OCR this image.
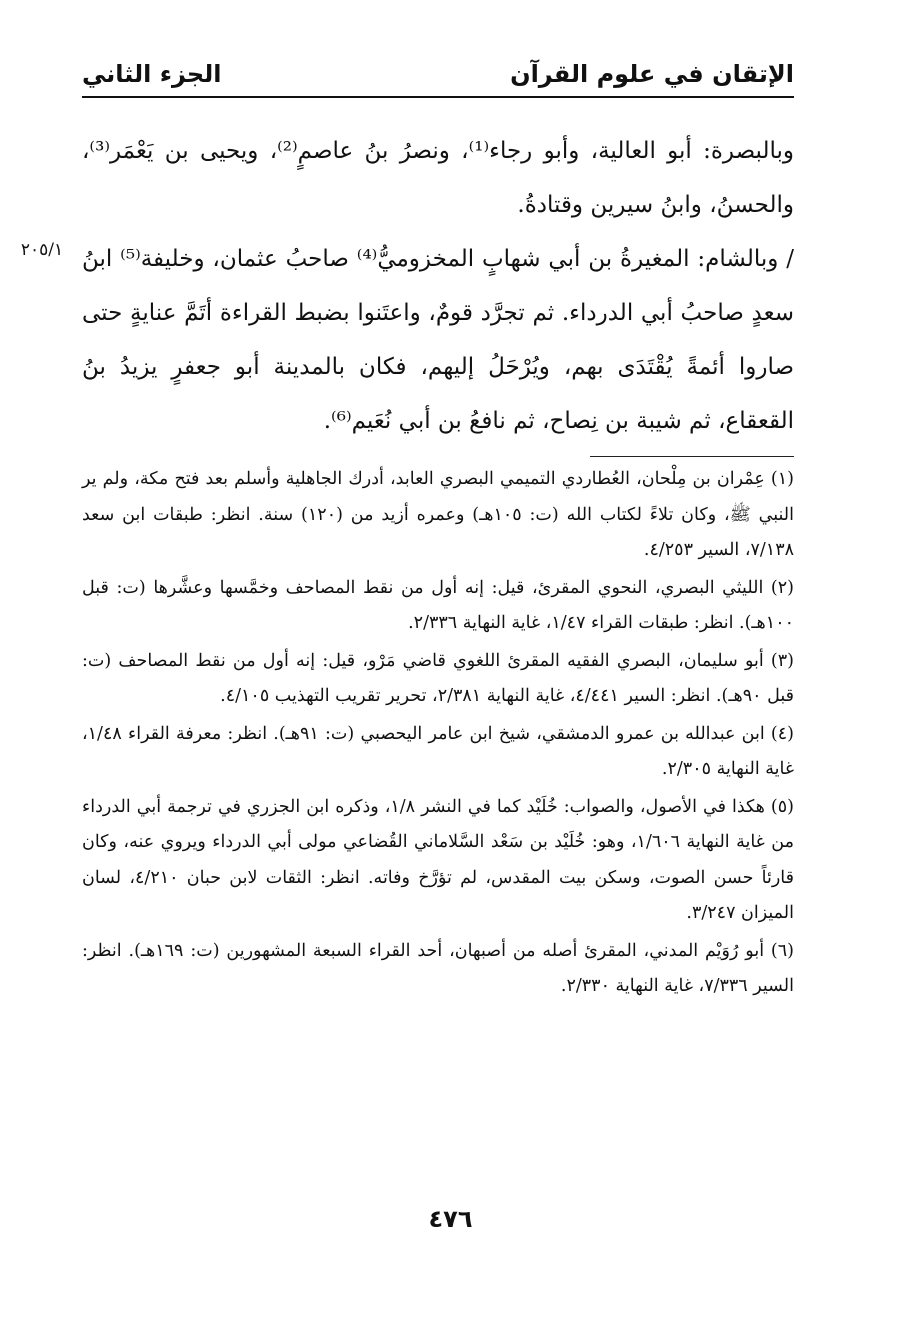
الإتقان في علوم القرآن
الجزء الثاني
٢٠٥/١

وبالبصرة: أبو العالية، وأبو رجاء⁽¹⁾، ونصرُ بنُ عاصمٍ⁽²⁾، ويحيى بن يَعْمَر⁽³⁾، والحسنُ، وابنُ سيرين وقتادةُ.

/ وبالشام: المغيرةُ بن أبي شهابٍ المخزوميُّ⁽⁴⁾ صاحبُ عثمان، وخليفة⁽⁵⁾ ابنُ سعدٍ صاحبُ أبي الدرداء. ثم تجرَّد قومٌ، واعتَنوا بضبط القراءة أتَمَّ عنايةٍ حتى صاروا أئمةً يُقْتَدَى بهم، ويُرْحَلُ إليهم، فكان بالمدينة أبو جعفرٍ يزيدُ بنُ القعقاع، ثم شيبة بن نِصاح، ثم نافعُ بن أبي نُعَيم⁽⁶⁾.

(١) عِمْران بن مِلْحان، العُطاردي التميمي البصري العابد، أدرك الجاهلية وأسلم بعد فتح مكة، ولم ير النبي ﷺ، وكان تلاءً لكتاب الله (ت: ١٠٥هـ) وعمره أزيد من (١٢٠) سنة. انظر: طبقات ابن سعد ٧/١٣٨، السير ٤/٢٥٣.

(٢) الليثي البصري، النحوي المقرئ، قيل: إنه أول من نقط المصاحف وخمَّسها وعشَّرها (ت: قبل ١٠٠هـ). انظر: طبقات القراء ١/٤٧، غاية النهاية ٢/٣٣٦.

(٣) أبو سليمان، البصري الفقيه المقرئ اللغوي قاضي مَرْو، قيل: إنه أول من نقط المصاحف (ت: قبل ٩٠هـ). انظر: السير ٤/٤٤١، غاية النهاية ٢/٣٨١، تحرير تقريب التهذيب ٤/١٠٥.

(٤) ابن عبدالله بن عمرو الدمشقي، شيخ ابن عامر اليحصبي (ت: ٩١هـ). انظر: معرفة القراء ١/٤٨، غاية النهاية ٢/٣٠٥.

(٥) هكذا في الأصول، والصواب: خُلَيْد كما في النشر ١/٨، وذكره ابن الجزري في ترجمة أبي الدرداء من غاية النهاية ١/٦٠٦، وهو: خُلَيْد بن سَعْد السَّلاماني القُضاعي مولى أبي الدرداء ويروي عنه، وكان قارئاً حسن الصوت، وسكن بيت المقدس، لم تؤرَّخ وفاته. انظر: الثقات لابن حبان ٤/٢١٠، لسان الميزان ٣/٢٤٧.

(٦) أبو رُوَيْم المدني، المقرئ أصله من أصبهان، أحد القراء السبعة المشهورين (ت: ١٦٩هـ). انظر: السير ٧/٣٣٦، غاية النهاية ٢/٣٣٠.

٤٧٦
